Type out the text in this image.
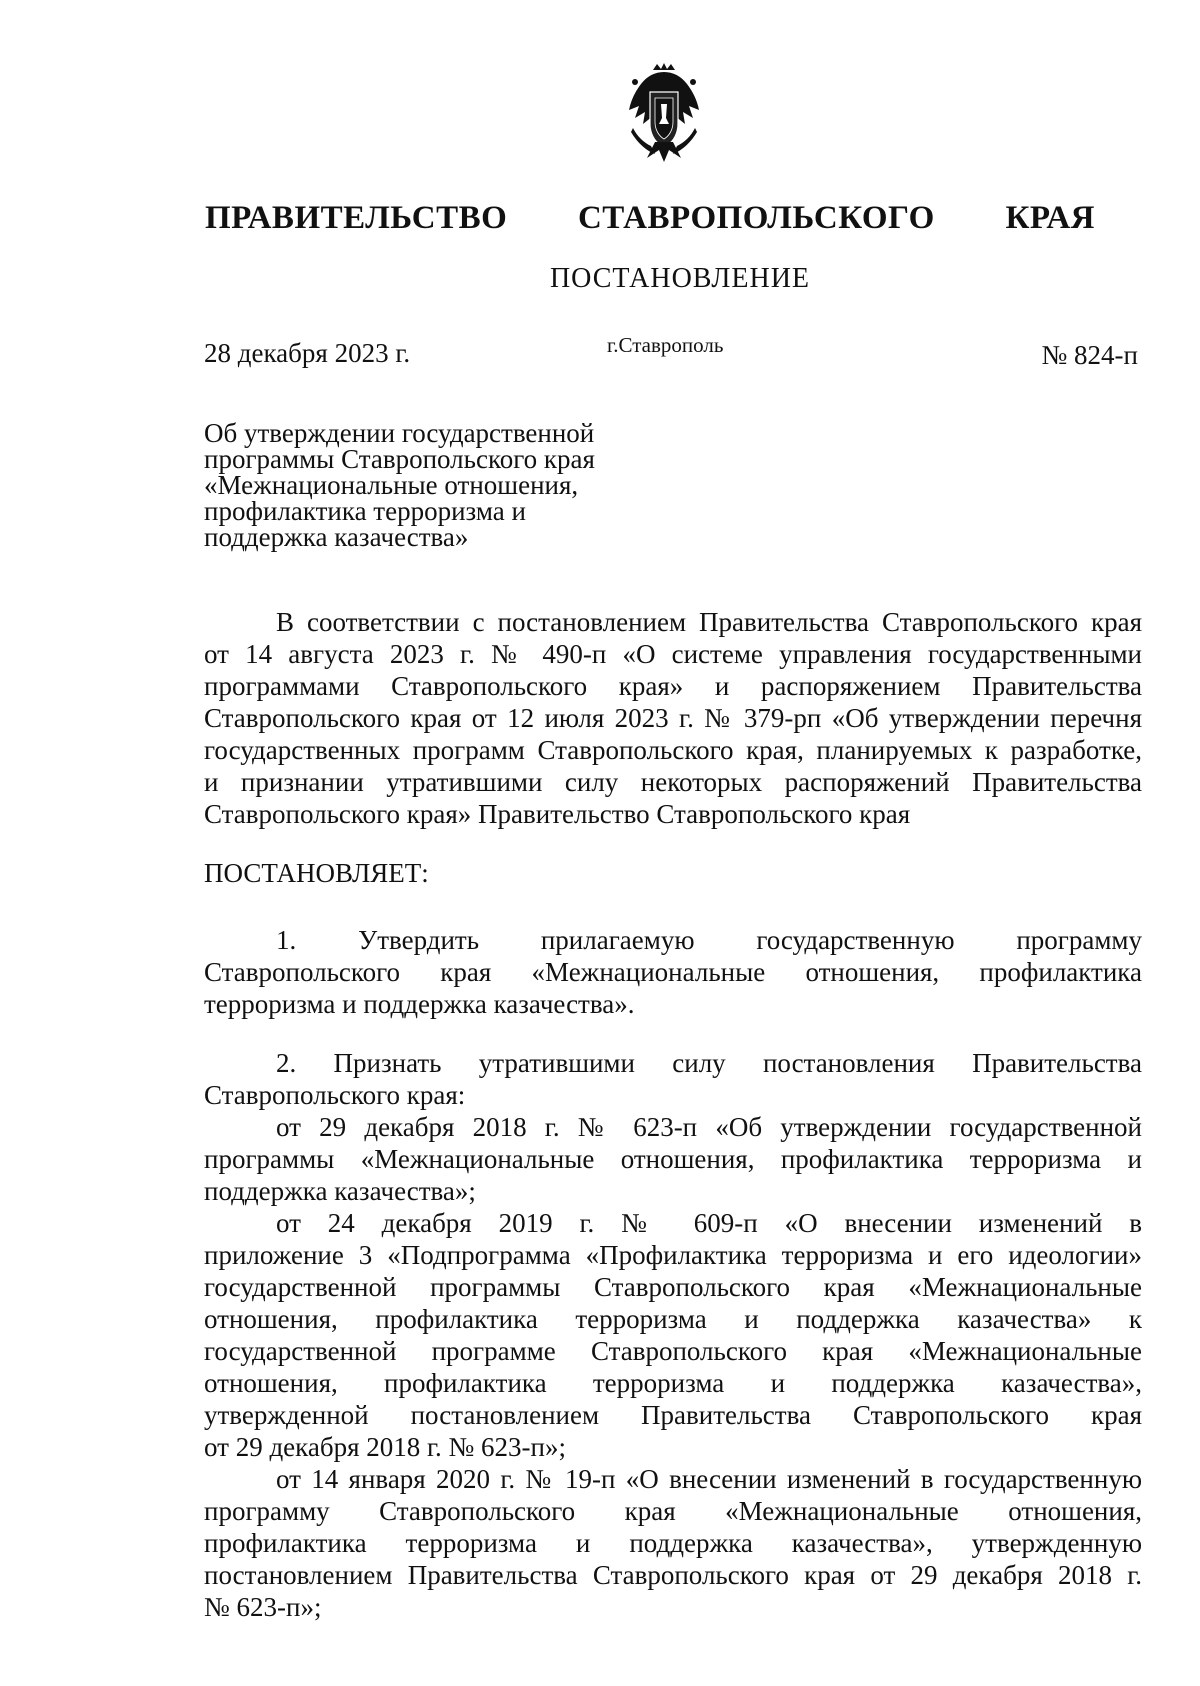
ПРАВИТЕЛЬСТВО СТАВРОПОЛЬСКОГО КРАЯ
ПОСТАНОВЛЕНИЕ
28 декабря 2023 г.	г.Ставрополь	№ 824-п
Об утверждении государственной
программы Ставропольского края
«Межнациональные отношения,
профилактика терроризма и
поддержка казачества»
В соответствии с постановлением Правительства Ставропольского края
от 14 августа 2023 г. № 490-п «О системе управления государственными
программами Ставропольского края» и распоряжением Правительства
Ставропольского края от 12 июля 2023 г. № 379-рп «Об утверждении перечня
государственных программ Ставропольского края, планируемых к разработке,
и признании утратившими силу некоторых распоряжений Правительства
Ставропольского края» Правительство Ставропольского края
ПОСТАНОВЛЯЕТ:
1. Утвердить прилагаемую государственную программу
Ставропольского края «Межнациональные отношения, профилактика
терроризма и поддержка казачества».
2. Признать утратившими силу постановления Правительства
Ставропольского края:
от 29 декабря 2018 г. № 623-п «Об утверждении государственной
программы «Межнациональные отношения, профилактика терроризма и
поддержка казачества»;
от 24 декабря 2019 г. № 609-п «О внесении изменений в
приложение 3 «Подпрограмма «Профилактика терроризма и его идеологии»
государственной программы Ставропольского края «Межнациональные
отношения, профилактика терроризма и поддержка казачества» к
государственной программе Ставропольского края «Межнациональные
отношения, профилактика терроризма и поддержка казачества»,
утвержденной постановлением Правительства Ставропольского края
от 29 декабря 2018 г. № 623-п»;
от 14 января 2020 г. № 19-п «О внесении изменений в государственную
программу Ставропольского края «Межнациональные отношения,
профилактика терроризма и поддержка казачества», утвержденную
постановлением Правительства Ставропольского края от 29 декабря 2018 г.
№ 623-п»;
